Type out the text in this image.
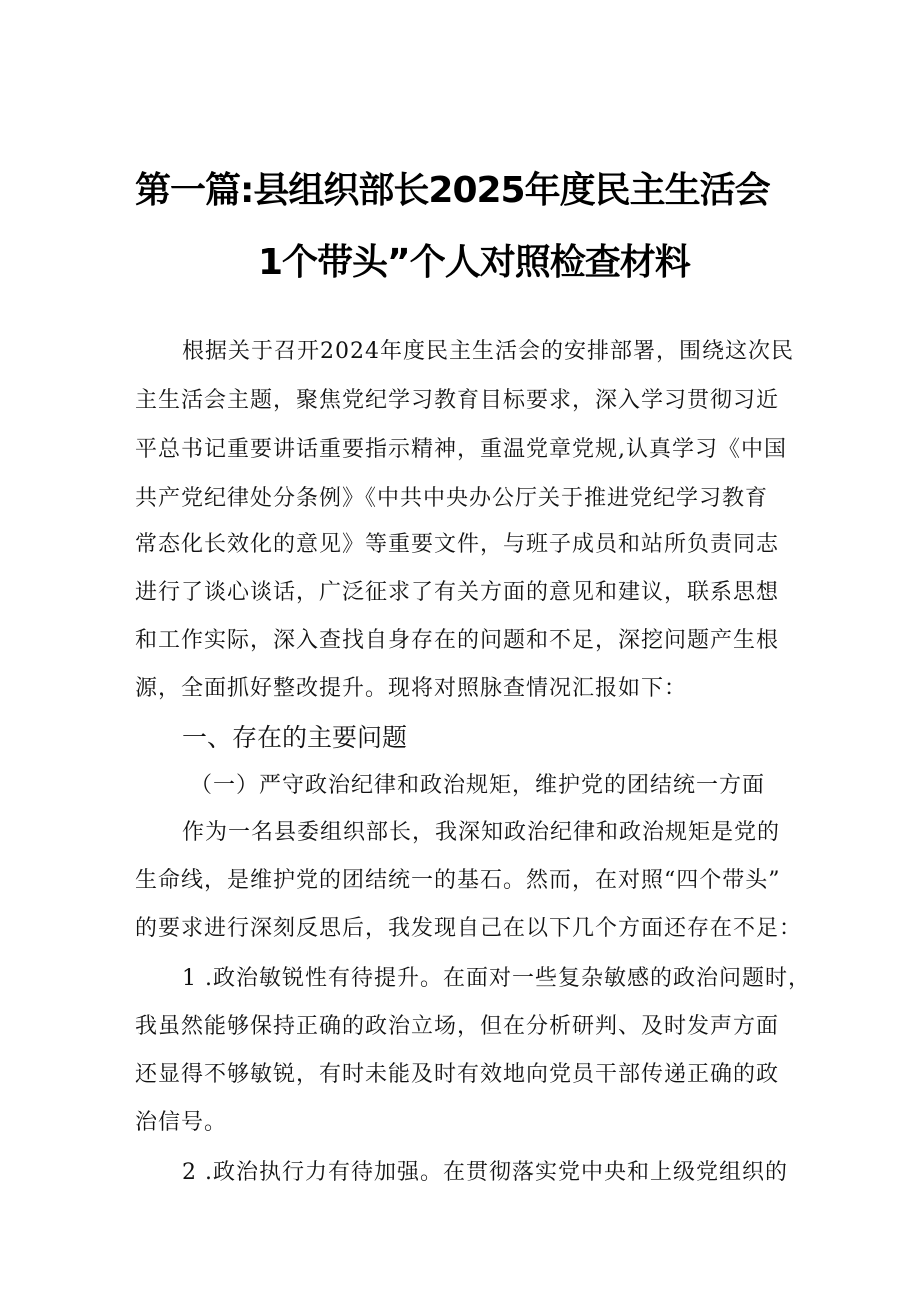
第一篇:县组织部长2025年度民主生活会
1个带头”个人对照检查材料
根据关于召开2024年度民主生活会的安排部署，围绕这次民
主生活会主题，聚焦党纪学习教育目标要求，深入学习贯彻习近
平总书记重要讲话重要指示精神，重温党章党规,认真学习《中国
共产党纪律处分条例》《中共中央办公厅关于推进党纪学习教育
常态化长效化的意见》等重要文件，与班子成员和站所负责同志
进行了谈心谈话，广泛征求了有关方面的意见和建议，联系思想
和工作实际，深入查找自身存在的问题和不足，深挖问题产生根
源，全面抓好整改提升。现将对照脉查情况汇报如下：
一、存在的主要问题
（一）严守政治纪律和政治规矩，维护党的团结统一方面
作为一名县委组织部长，我深知政治纪律和政治规矩是党的
生命线，是维护党的团结统一的基石。然而，在对照“四个带头”
的要求进行深刻反思后，我发现自己在以下几个方面还存在不足：
1 .政治敏锐性有待提升。在面对一些复杂敏感的政治问题时，
我虽然能够保持正确的政治立场，但在分析研判、及时发声方面
还显得不够敏锐，有时未能及时有效地向党员干部传递正确的政
治信号。
2 .政治执行力有待加强。在贯彻落实党中央和上级党组织的
